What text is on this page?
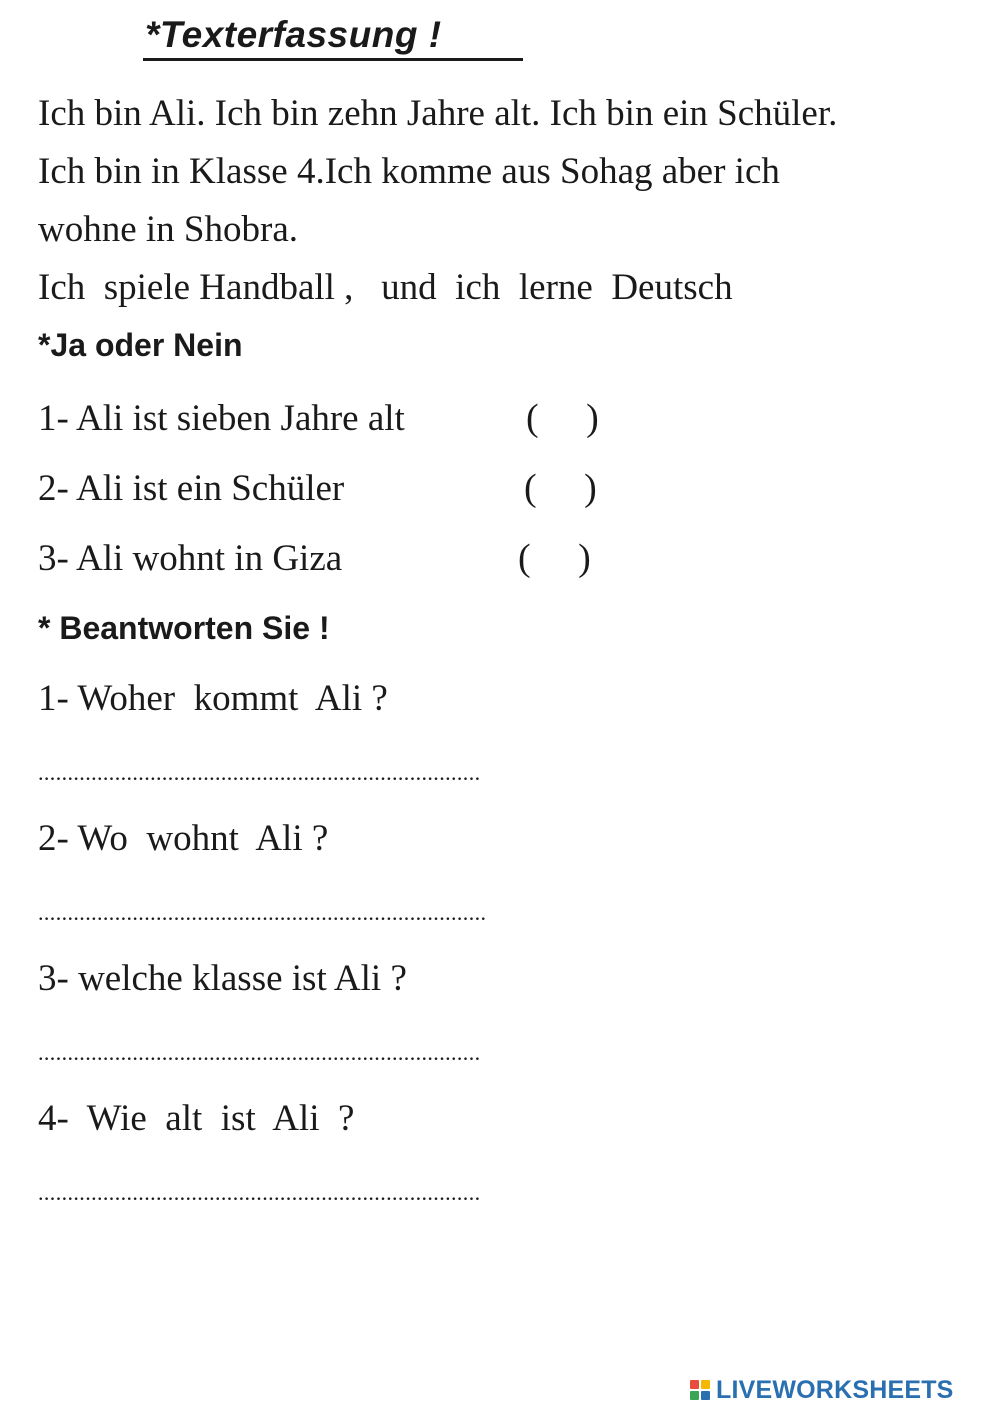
*Texterfassung !
Ich bin Ali. Ich bin zehn Jahre alt. Ich bin ein Schüler.
Ich bin in Klasse 4.Ich komme aus Sohag aber ich
wohne in Shobra.
Ich  spiele Handball ,   und  ich  lerne  Deutsch
*Ja oder Nein
1- Ali ist sieben Jahre alt	(     )
2- Ali ist ein Schüler	(     )
3- Ali wohnt in Giza	(     )
* Beantworten Sie !
1- Woher  kommt  Ali ?
...........................................................................
2- Wo  wohnt  Ali ?
............................................................................
3- welche klasse ist Ali ?
...........................................................................
4-  Wie  alt  ist  Ali  ?
...........................................................................
LIVEWORKSHEETS
